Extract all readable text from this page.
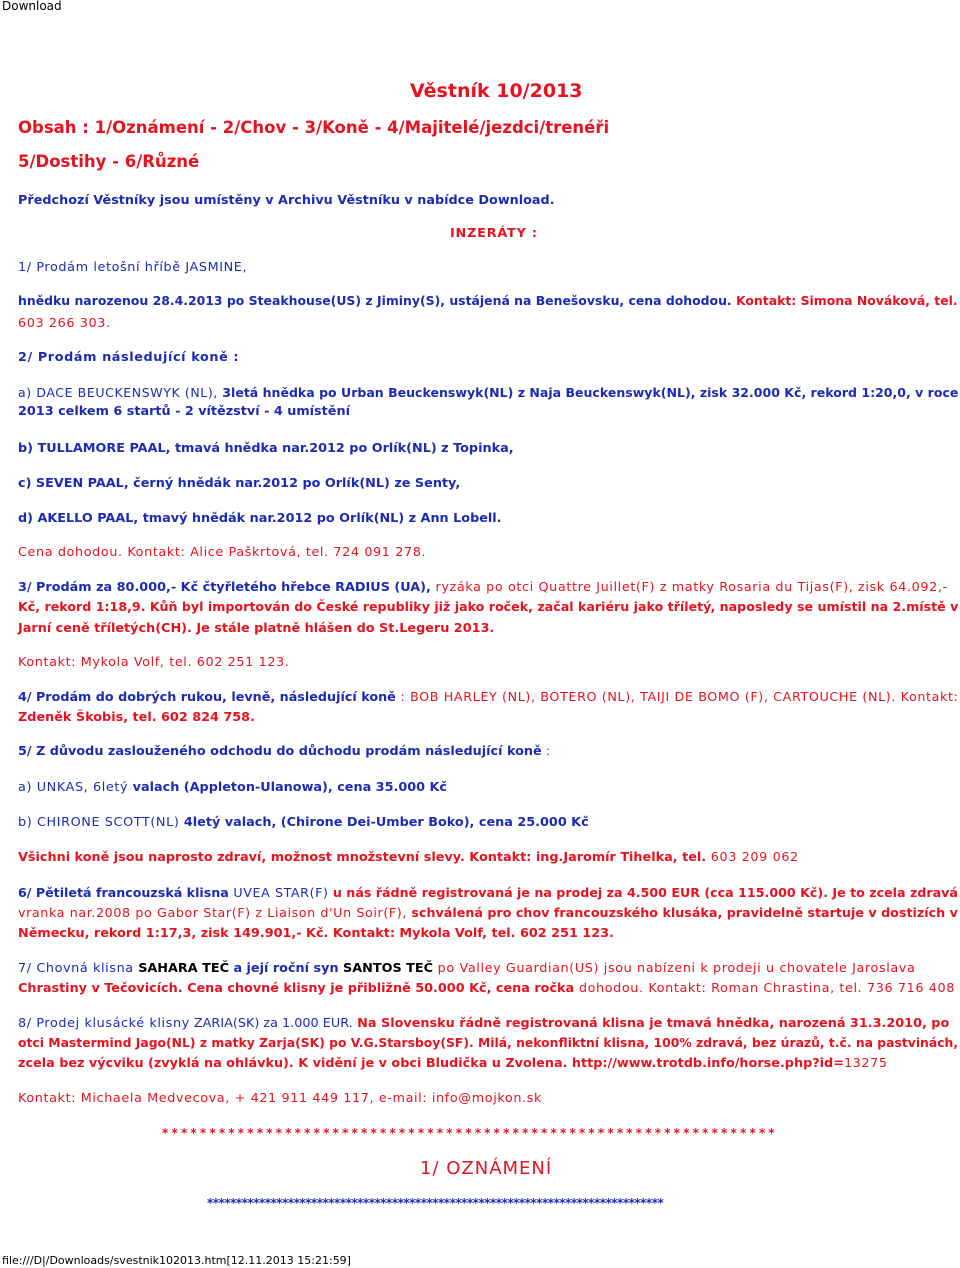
Download
Věstník 10/2013
Obsah : 1/Oznámení - 2/Chov - 3/Koně - 4/Majitelé/jezdci/trenéři
5/Dostihy - 6/Různé
Předchozí Věstníky jsou umístěny v Archivu Věstníku v nabídce Download.
INZERÁTY :
1/ Prodám letošní hříbě JASMINE,
hnědku narozenou 28.4.2013 po Steakhouse(US) z Jiminy(S), ustájená na Benešovsku, cena dohodou. Kontakt: Simona Nováková, tel.
603 266 303.
2/ Prodám následující koně :
a) DACE BEUCKENSWYK (NL), 3letá hnědka po Urban Beuckenswyk(NL) z Naja Beuckenswyk(NL), zisk 32.000 Kč, rekord 1:20,0, v roce
2013 celkem 6 startů - 2 vítězství - 4 umístění
b) TULLAMORE PAAL, tmavá hnědka nar.2012 po Orlík(NL) z Topinka,
c) SEVEN PAAL, černý hnědák nar.2012 po Orlík(NL) ze Senty,
d) AKELLO PAAL, tmavý hnědák nar.2012 po Orlík(NL) z Ann Lobell.
Cena dohodou. Kontakt: Alice Paškrtová, tel. 724 091 278.
3/ Prodám za 80.000,- Kč čtyřletého hřebce RADIUS (UA), ryzáka po otci Quattre Juillet(F) z matky Rosaria du Tijas(F), zisk 64.092,-
Kč, rekord 1:18,9. Kůň byl importován do České republiky již jako roček, začal kariéru jako tříletý, naposledy se umístil na 2.místě v
Jarní ceně tříletých(CH). Je stále platně hlášen do St.Legeru 2013.
Kontakt: Mykola Volf, tel. 602 251 123.
4/ Prodám do dobrých rukou, levně, následující koně : BOB HARLEY (NL), BOTERO (NL), TAIJI DE BOMO (F), CARTOUCHE (NL). Kontakt:
Zdeněk Škobis, tel. 602 824 758.
5/ Z důvodu zaslouženého odchodu do důchodu prodám následující koně :
a) UNKAS, 6letý valach (Appleton-Ulanowa), cena 35.000 Kč
b) CHIRONE SCOTT(NL) 4letý valach, (Chirone Dei-Umber Boko), cena 25.000 Kč
Všichni koně jsou naprosto zdraví, možnost množstevní slevy. Kontakt: ing.Jaromír Tihelka, tel. 603 209 062
6/ Pětiletá francouzská klisna UVEA STAR(F) u nás řádně registrovaná je na prodej za 4.500 EUR (cca 115.000 Kč). Je to zcela zdravá
vranka nar.2008 po Gabor Star(F) z Liaison d'Un Soir(F), schválená pro chov francouzského klusáka, pravidelně startuje v dostizích v
Německu, rekord 1:17,3, zisk 149.901,- Kč. Kontakt: Mykola Volf, tel. 602 251 123.
7/ Chovná klisna SAHARA TEČ a její roční syn SANTOS TEČ po Valley Guardian(US) jsou nabízeni k prodeji u chovatele Jaroslava
Chrastiny v Tečovicích. Cena chovné klisny je přibližně 50.000 Kč, cena ročka dohodou. Kontakt: Roman Chrastina, tel. 736 716 408
8/ Prodej klusácké klisny ZARIA(SK) za 1.000 EUR. Na Slovensku řádně registrovaná klisna je tmavá hnědka, narozená 31.3.2010, po
otci Mastermind Jago(NL) z matky Zarja(SK) po V.G.Starsboy(SF). Milá, nekonfliktní klisna, 100% zdravá, bez úrazů, t.č. na pastvinách,
zcela bez výcviku (zvyklá na ohlávku). K vidění je v obci Bludička u Zvolena. http://www.trotdb.info/horse.php?id=13275
Kontakt: Michaela Medvecova, + 421 911 449 117, e-mail: info@mojkon.sk
*****************************************************************
1/ OZNÁMENÍ
*******************************************************************************
file:///D|/Downloads/svestnik102013.htm[12.11.2013 15:21:59]
